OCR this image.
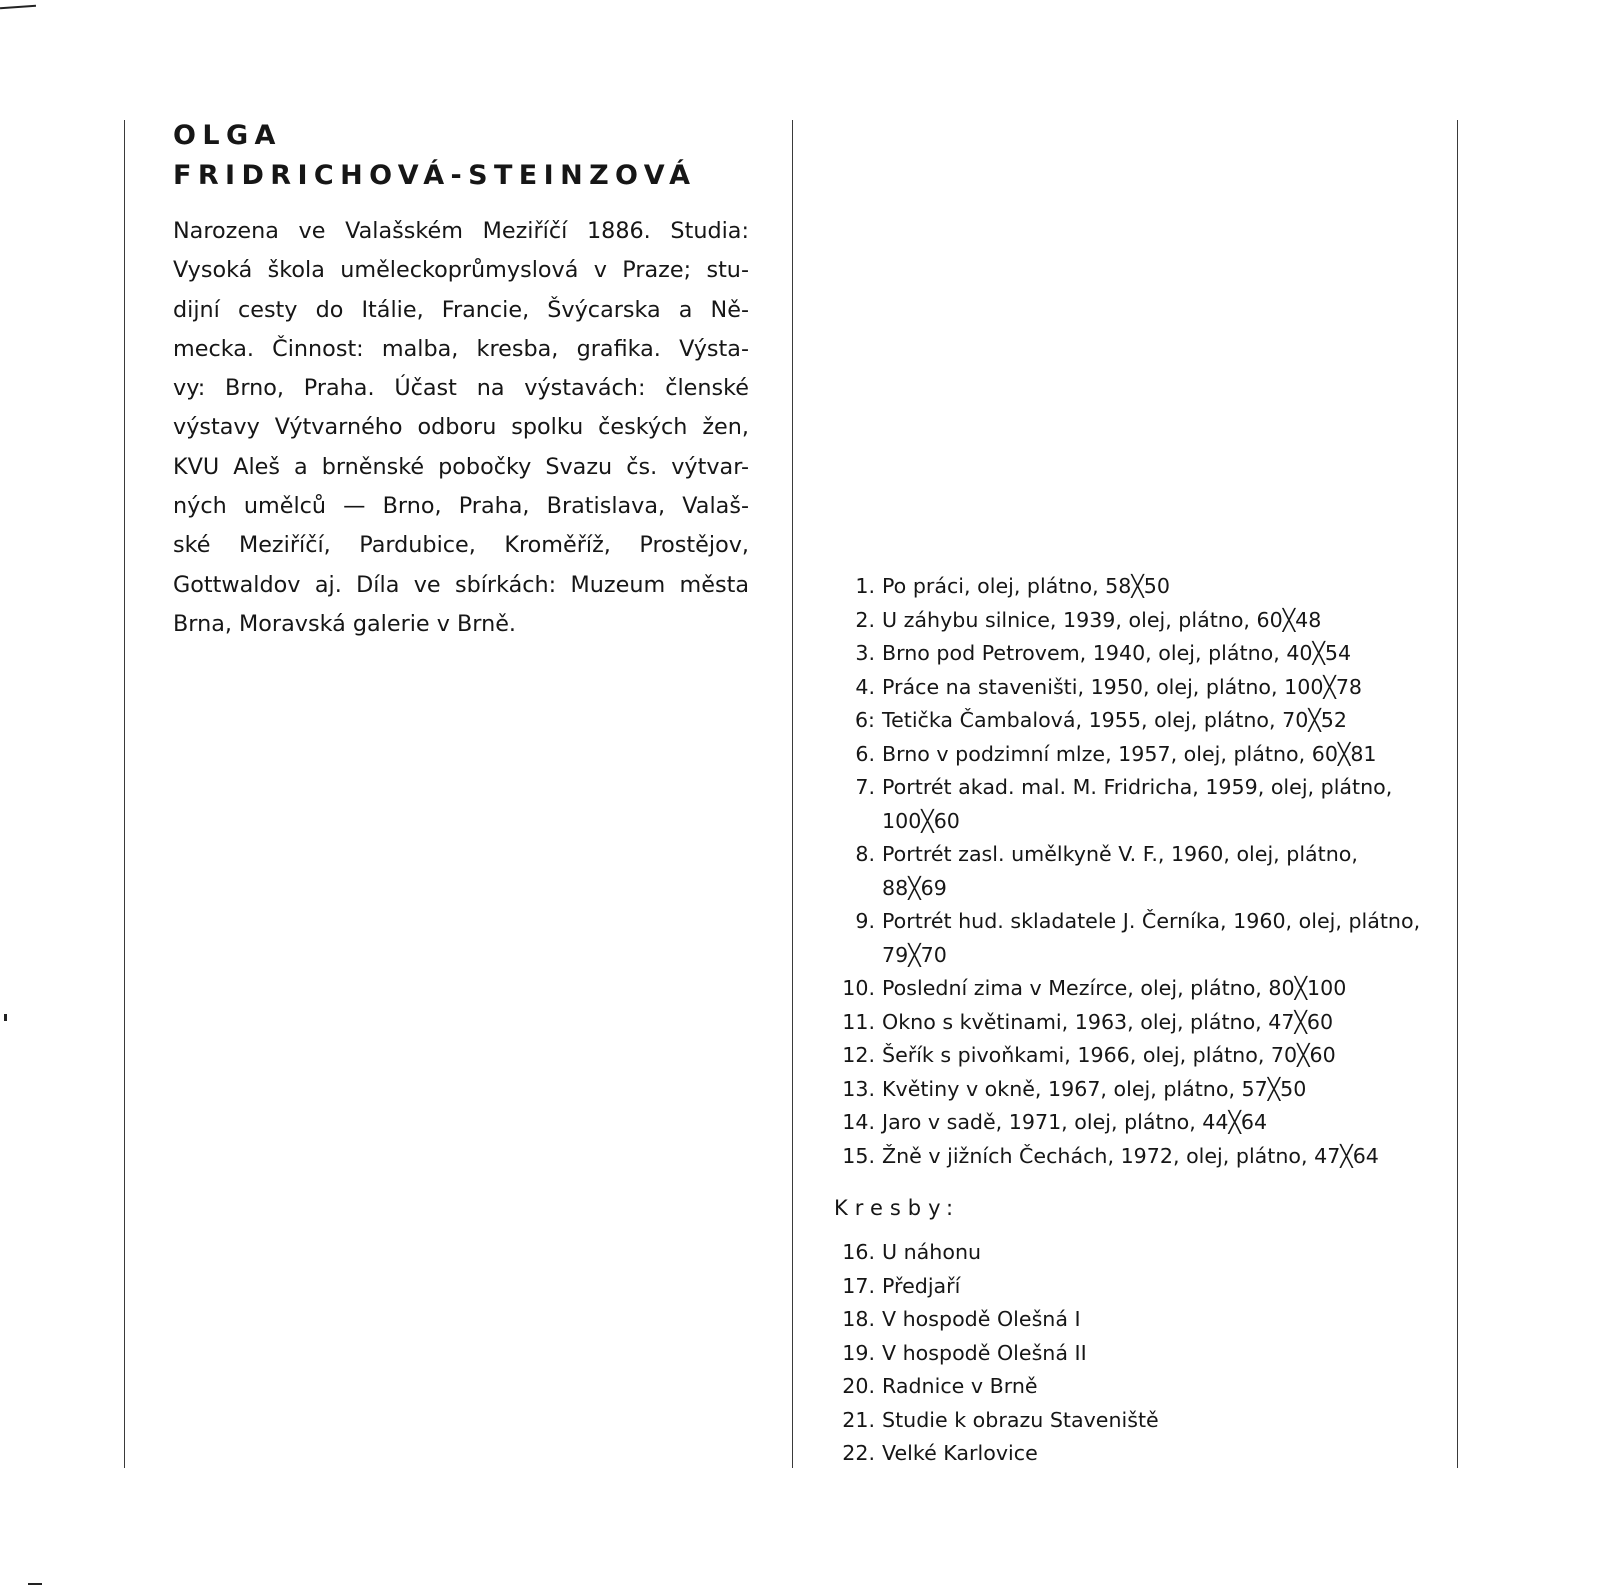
OLGA
FRIDRICHOVÁ-STEINZOVÁ
Narozena ve Valašském Meziříčí 1886. Studia:
Vysoká škola uměleckoprůmyslová v Praze; stu-
dijní cesty do Itálie, Francie, Švýcarska a Ně-
mecka. Činnost: malba, kresba, grafika. Výsta-
vy: Brno, Praha. Účast na výstavách: členské
výstavy Výtvarného odboru spolku českých žen,
KVU Aleš a brněnské pobočky Svazu čs. výtvar-
ných umělců — Brno, Praha, Bratislava, Valaš-
ské Meziříčí, Pardubice, Kroměříž, Prostějov,
Gottwaldov aj. Díla ve sbírkách: Muzeum města
Brna, Moravská galerie v Brně.
1. Po práci, olej, plátno, 58╳50
2. U záhybu silnice, 1939, olej, plátno, 60╳48
3. Brno pod Petrovem, 1940, olej, plátno, 40╳54
4. Práce na staveništi, 1950, olej, plátno, 100╳78
6: Tetička Čambalová, 1955, olej, plátno, 70╳52
6. Brno v podzimní mlze, 1957, olej, plátno, 60╳81
7. Portrét akad. mal. M. Fridricha, 1959, olej, plátno, 100╳60
8. Portrét zasl. umělkyně V. F., 1960, olej, plátno, 88╳69
9. Portrét hud. skladatele J. Černíka, 1960, olej, plátno, 79╳70
10. Poslední zima v Mezírce, olej, plátno, 80╳100
11. Okno s květinami, 1963, olej, plátno, 47╳60
12. Šeřík s pivoňkami, 1966, olej, plátno, 70╳60
13. Květiny v okně, 1967, olej, plátno, 57╳50
14. Jaro v sadě, 1971, olej, plátno, 44╳64
15. Žně v jižních Čechách, 1972, olej, plátno, 47╳64

Kresby:

16. U náhonu
17. Předjaří
18. V hospodě Olešná I
19. V hospodě Olešná II
20. Radnice v Brně
21. Studie k obrazu Staveniště
22. Velké Karlovice
